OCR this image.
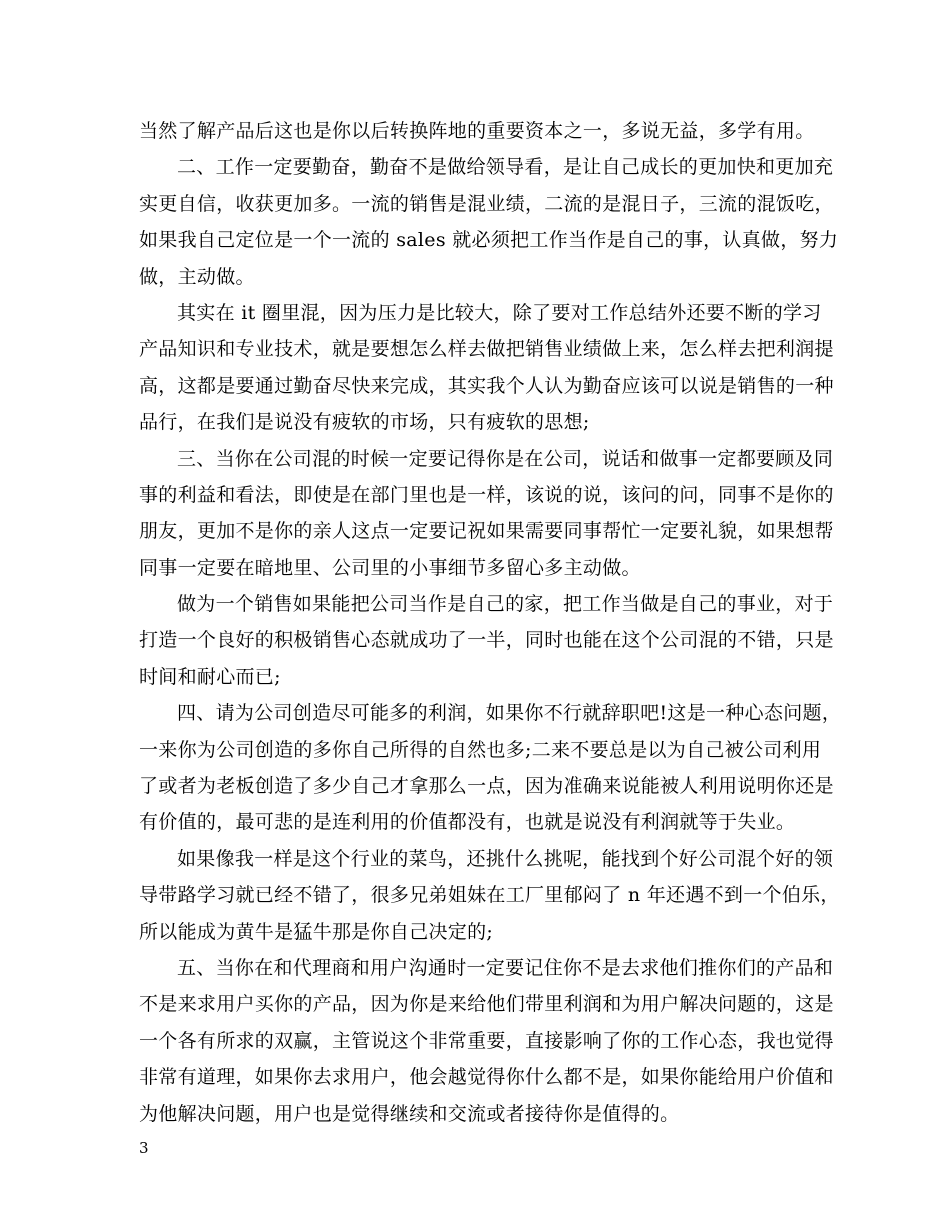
当然了解产品后这也是你以后转换阵地的重要资本之一，多说无益，多学有用。
二、工作一定要勤奋，勤奋不是做给领导看，是让自己成长的更加快和更加充
实更自信，收获更加多。一流的销售是混业绩，二流的是混日子，三流的混饭吃，
如果我自己定位是一个一流的 sales 就必须把工作当作是自己的事，认真做，努力
做，主动做。
其实在 it 圈里混，因为压力是比较大，除了要对工作总结外还要不断的学习
产品知识和专业技术，就是要想怎么样去做把销售业绩做上来，怎么样去把利润提
高，这都是要通过勤奋尽快来完成，其实我个人认为勤奋应该可以说是销售的一种
品行，在我们是说没有疲软的市场，只有疲软的思想;
三、当你在公司混的时候一定要记得你是在公司，说话和做事一定都要顾及同
事的利益和看法，即使是在部门里也是一样，该说的说，该问的问，同事不是你的
朋友，更加不是你的亲人这点一定要记祝如果需要同事帮忙一定要礼貌，如果想帮
同事一定要在暗地里、公司里的小事细节多留心多主动做。
做为一个销售如果能把公司当作是自己的家，把工作当做是自己的事业，对于
打造一个良好的积极销售心态就成功了一半，同时也能在这个公司混的不错，只是
时间和耐心而已;
四、请为公司创造尽可能多的利润，如果你不行就辞职吧!这是一种心态问题，
一来你为公司创造的多你自己所得的自然也多;二来不要总是以为自己被公司利用
了或者为老板创造了多少自己才拿那么一点，因为准确来说能被人利用说明你还是
有价值的，最可悲的是连利用的价值都没有，也就是说没有利润就等于失业。
如果像我一样是这个行业的菜鸟，还挑什么挑呢，能找到个好公司混个好的领
导带路学习就已经不错了，很多兄弟姐妹在工厂里郁闷了 n 年还遇不到一个伯乐，
所以能成为黄牛是猛牛那是你自己决定的;
五、当你在和代理商和用户沟通时一定要记住你不是去求他们推你们的产品和
不是来求用户买你的产品，因为你是来给他们带里利润和为用户解决问题的，这是
一个各有所求的双赢，主管说这个非常重要，直接影响了你的工作心态，我也觉得
非常有道理，如果你去求用户，他会越觉得你什么都不是，如果你能给用户价值和
为他解决问题，用户也是觉得继续和交流或者接待你是值得的。
3
